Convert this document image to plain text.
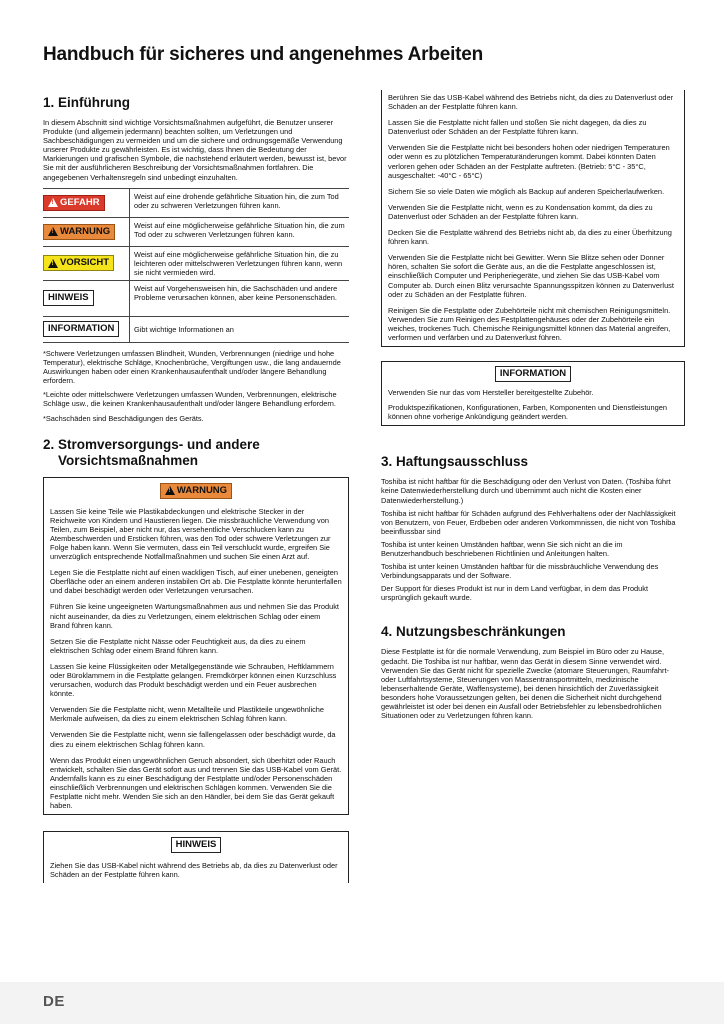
Handbuch für sicheres und angenehmes Arbeiten
1. Einführung

In diesem Abschnitt sind wichtige Vorsichtsmaßnahmen aufgeführt, die Benutzer unserer Produkte (und allgemein jedermann) beachten sollten, um Verletzungen und Sachbeschädigungen zu vermeiden und um die sichere und ordnungsgemäße Verwendung unserer Produkte zu gewährleisten. Es ist wichtig, dass Ihnen die Bedeutung der Markierungen und grafischen Symbole, die nachstehend erläutert werden, bewusst ist, bevor Sie mit der ausführlicheren Beschreibung der Vorsichtsmaßnahmen fortfahren. Die angegebenen Verhaltensregeln sind unbedingt einzuhalten.

!
GEFAHR
Weist auf eine drohende gefährliche Situation hin, die zum Tod oder zu schweren Verletzungen führen kann.
!
WARNUNG
Weist auf eine möglicherweise gefährliche Situation hin, die zum Tod oder zu schweren Verletzungen führen kann.
!
VORSICHT
Weist auf eine möglicherweise gefährliche Situation hin, die zu leichteren oder mittelschweren Verletzungen führen kann, wenn sie nicht vermieden wird.
HINWEIS
Weist auf Vorgehensweisen hin, die Sachschäden und andere Probleme verursachen können, aber keine Personenschäden.
INFORMATION	Gibt wichtige Informationen an

*Schwere Verletzungen umfassen Blindheit, Wunden, Verbrennungen (niedrige und hohe Temperatur), elektrische Schläge, Knochenbrüche, Vergiftungen usw., die lang andauernde Auswirkungen haben oder einen Krankenhausaufenthalt und/oder längere Behandlung erfordern.

*Leichte oder mittelschwere Verletzungen umfassen Wunden, Verbrennungen, elektrische Schläge usw., die keinen Krankenhausaufenthalt und/oder längere Behandlung erfordern.

*Sachschäden sind Beschädigungen des Geräts.

2. Stromversorgungs- und andere
Vorsichtsmaßnahmen
!
WARNUNG

Lassen Sie keine Teile wie Plastikabdeckungen und elektrische Stecker in der Reichweite von Kindern und Haustieren liegen. Die missbräuchliche Verwendung von Teilen, zum Beispiel, aber nicht nur, das versehentliche Verschlucken kann zu Atembeschwerden und Ersticken führen, was den Tod oder schwere Verletzungen zur Folge haben kann. Wenn Sie vermuten, dass ein Teil verschluckt wurde, ergreifen Sie unverzüglich entsprechende Notfallmaßnahmen und suchen Sie einen Arzt auf.

Legen Sie die Festplatte nicht auf einen wackligen Tisch, auf einer unebenen, geneigten Oberfläche oder an einem anderen instabilen Ort ab. Die Festplatte könnte herunterfallen und dabei beschädigt werden oder Verletzungen verursachen.

Führen Sie keine ungeeigneten Wartungsmaßnahmen aus und nehmen Sie das Produkt nicht auseinander, da dies zu Verletzungen, einem elektrischen Schlag oder einem Brand führen kann.

Setzen Sie die Festplatte nicht Nässe oder Feuchtigkeit aus, da dies zu einem elektrischen Schlag oder einem Brand führen kann.

Lassen Sie keine Flüssigkeiten oder Metallgegenstände wie Schrauben, Heftklammern oder Büroklammern in die Festplatte gelangen. Fremdkörper können einen Kurzschluss verursachen, wodurch das Produkt beschädigt werden und ein Feuer ausbrechen könnte.

Verwenden Sie die Festplatte nicht, wenn Metallteile und Plastikteile ungewöhnliche Merkmale aufweisen, da dies zu einem elektrischen Schlag führen kann.

Verwenden Sie die Festplatte nicht, wenn sie fallengelassen oder beschädigt wurde, da dies zu einem elektrischen Schlag führen kann.

Wenn das Produkt einen ungewöhnlichen Geruch absondert, sich überhitzt oder Rauch entwickelt, schalten Sie das Gerät sofort aus und trennen Sie das USB-Kabel vom Gerät. Andernfalls kann es zu einer Beschädigung der Festplatte und/oder Personenschäden einschließlich Verbrennungen und elektrischen Schlägen kommen. Verwenden Sie die Festplatte nicht mehr. Wenden Sie sich an den Händler, bei dem Sie das Gerät gekauft haben.

HINWEIS

Ziehen Sie das USB-Kabel nicht während des Betriebs ab, da dies zu Datenverlust oder Schäden an der Festplatte führen kann.

Berühren Sie das USB-Kabel während des Betriebs nicht, da dies zu Datenverlust oder Schäden an der Festplatte führen kann.

Lassen Sie die Festplatte nicht fallen und stoßen Sie nicht dagegen, da dies zu Datenverlust oder Schäden an der Festplatte führen kann.

Verwenden Sie die Festplatte nicht bei besonders hohen oder niedrigen Temperaturen oder wenn es zu plötzlichen Temperaturänderungen kommt. Dabei könnten Daten verloren gehen oder Schäden an der Festplatte auftreten. (Betrieb: 5°C - 35°C, ausgeschaltet: -40°C - 65°C)

Sichern Sie so viele Daten wie möglich als Backup auf anderen Speicherlaufwerken.

Verwenden Sie die Festplatte nicht, wenn es zu Kondensation kommt, da dies zu Datenverlust oder Schäden an der Festplatte führen kann.

Decken Sie die Festplatte während des Betriebs nicht ab, da dies zu einer Überhitzung führen kann.

Verwenden Sie die Festplatte nicht bei Gewitter. Wenn Sie Blitze sehen oder Donner hören, schalten Sie sofort die Geräte aus, an die die Festplatte angeschlossen ist, einschließlich Computer und Peripheriegeräte, und ziehen Sie das USB-Kabel vom Computer ab. Durch einen Blitz verursachte Spannungsspitzen können zu Datenverlust oder zu Schäden an der Festplatte führen.

Reinigen Sie die Festplatte oder Zubehörteile nicht mit chemischen Reinigungsmitteln. Verwenden Sie zum Reinigen des Festplattengehäuses oder der Zubehörteile ein weiches, trockenes Tuch. Chemische Reinigungsmittel können das Material angreifen, verformen und verfärben und zu Datenverlust führen.

INFORMATION

Verwenden Sie nur das vom Hersteller bereitgestellte Zubehör.

Produktspezifikationen, Konfigurationen, Farben, Komponenten und Dienstleistungen können ohne vorherige Ankündigung geändert werden.

3. Haftungsausschluss

Toshiba ist nicht haftbar für die Beschädigung oder den Verlust von Daten. (Toshiba führt keine Datenwiederherstellung durch und übernimmt auch nicht die Kosten einer Datenwiederherstellung.)

Toshiba ist nicht haftbar für Schäden aufgrund des Fehlverhaltens oder der Nachlässigkeit von Benutzern, von Feuer, Erdbeben oder anderen Vorkommnissen, die nicht von Toshiba beeinflussbar sind

Toshiba ist unter keinen Umständen haftbar, wenn Sie sich nicht an die im Benutzerhandbuch beschriebenen Richtlinien und Anleitungen halten.

Toshiba ist unter keinen Umständen haftbar für die missbräuchliche Verwendung des Verbindungsapparats und der Software.

Der Support für dieses Produkt ist nur in dem Land verfügbar, in dem das Produkt ursprünglich gekauft wurde.

4. Nutzungsbeschränkungen

Diese Festplatte ist für die normale Verwendung, zum Beispiel im Büro oder zu Hause, gedacht. Die Toshiba ist nur haftbar, wenn das Gerät in diesem Sinne verwendet wird. Verwenden Sie das Gerät nicht für spezielle Zwecke (atomare Steuerungen, Raumfahrt- oder Luftfahrtsysteme, Steuerungen von Massentransportmitteln, medizinische lebenserhaltende Geräte, Waffensysteme), bei denen hinsichtlich der Zuverlässigkeit besonders hohe Voraussetzungen gelten, bei denen die Sicherheit nicht durchgehend gewährleistet ist oder bei denen ein Ausfall oder Betriebsfehler zu lebensbedrohlichen Situationen oder zu Verletzungen führen kann.

DE
